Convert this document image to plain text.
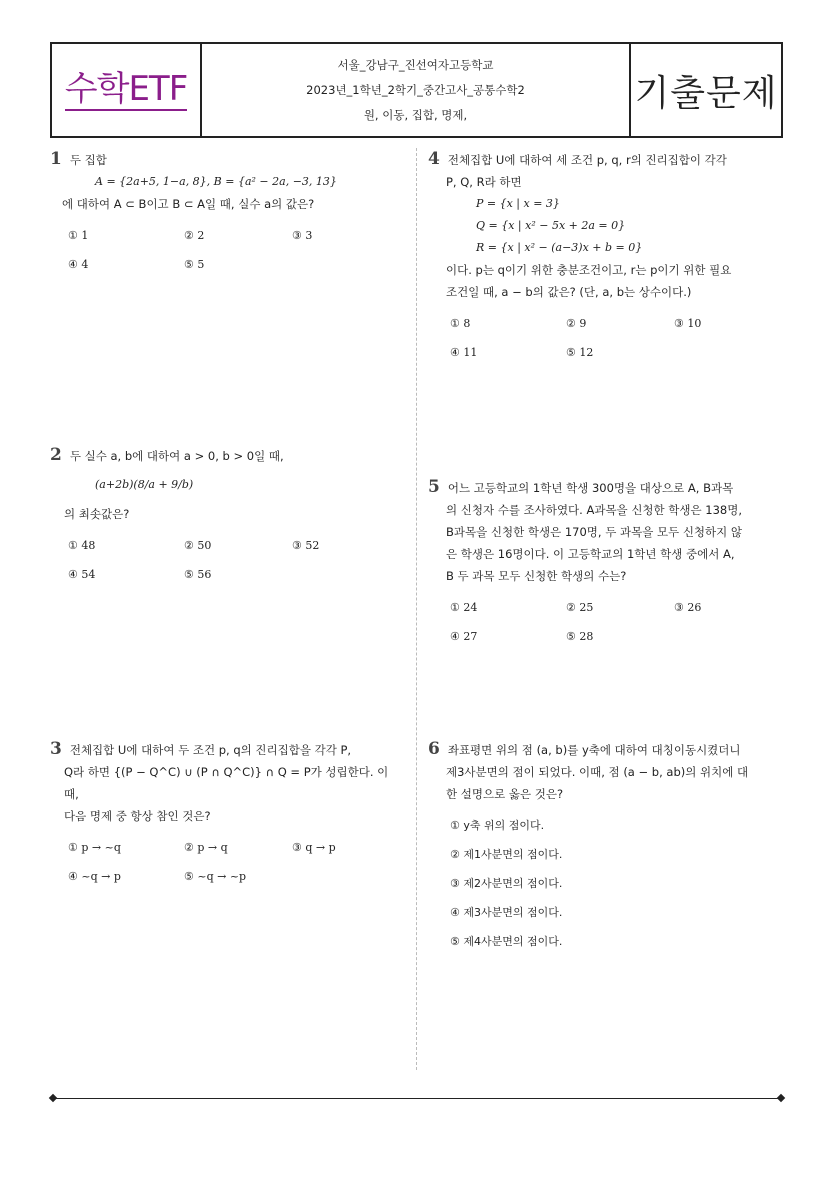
수학ETF
서울_강남구_진선여자고등학교
2023년_1학년_2학기_중간고사_공통수학2
원, 이동, 집합, 명제,
기출문제
1 두 집합
A = {2a+5, 1−a, 8}, B = {a² − 2a, −3, 13}
에 대하여 A ⊂ B이고 B ⊂ A일 때, 실수 a의 값은?
① 1	② 2	③ 3
④ 4	⑤ 5
2 두 실수 a, b에 대하여 a > 0, b > 0일 때,
(a+2b)(8/a + 9/b)
의 최솟값은?
① 48	② 50	③ 52
④ 54	⑤ 56
3 전체집합 U에 대하여 두 조건 p, q의 진리집합을 각각 P,
Q라 하면 {(P − Q^C) ∪ (P ∩ Q^C)} ∩ Q = P가 성립한다. 이때,
다음 명제 중 항상 참인 것은?
① p → ~q	② p → q	③ q → p
④ ~q → p	⑤ ~q → ~p
4 전체집합 U에 대하여 세 조건 p, q, r의 진리집합이 각각
P, Q, R라 하면
P = {x | x = 3}
Q = {x | x² − 5x + 2a = 0}
R = {x | x² − (a−3)x + b = 0}
이다. p는 q이기 위한 충분조건이고, r는 p이기 위한 필요
조건일 때, a − b의 값은? (단, a, b는 상수이다.)
① 8	② 9	③ 10
④ 11	⑤ 12
5 어느 고등학교의 1학년 학생 300명을 대상으로 A, B과목
의 신청자 수를 조사하였다. A과목을 신청한 학생은 138명,
B과목을 신청한 학생은 170명, 두 과목을 모두 신청하지 않
은 학생은 16명이다. 이 고등학교의 1학년 학생 중에서 A,
B 두 과목 모두 신청한 학생의 수는?
① 24	② 25	③ 26
④ 27	⑤ 28
6 좌표평면 위의 점 (a, b)를 y축에 대하여 대칭이동시켰더니
제3사분면의 점이 되었다. 이때, 점 (a − b, ab)의 위치에 대
한 설명으로 옳은 것은?
① y축 위의 점이다.
② 제1사분면의 점이다.
③ 제2사분면의 점이다.
④ 제3사분면의 점이다.
⑤ 제4사분면의 점이다.
